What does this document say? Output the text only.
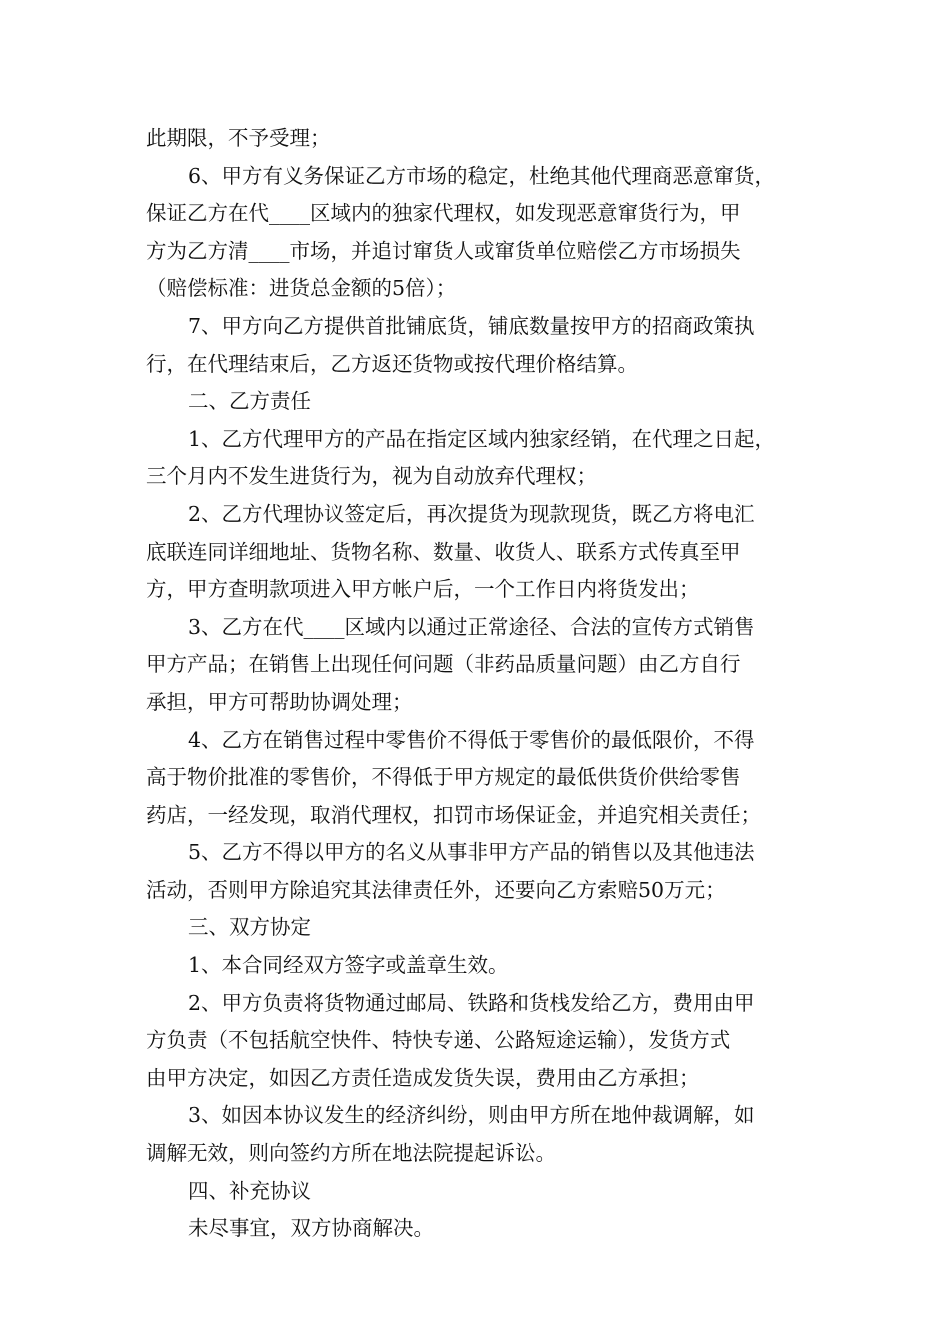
此期限，不予受理；
6、甲方有义务保证乙方市场的稳定，杜绝其他代理商恶意窜货，
保证乙方在代____区域内的独家代理权，如发现恶意窜货行为，甲
方为乙方清____市场，并追讨窜货人或窜货单位赔偿乙方市场损失
（赔偿标准：进货总金额的5倍）；
7、甲方向乙方提供首批铺底货，铺底数量按甲方的招商政策执
行，在代理结束后，乙方返还货物或按代理价格结算。
二、乙方责任
1、乙方代理甲方的产品在指定区域内独家经销，在代理之日起，
三个月内不发生进货行为，视为自动放弃代理权；
2、乙方代理协议签定后，再次提货为现款现货，既乙方将电汇
底联连同详细地址、货物名称、数量、收货人、联系方式传真至甲
方，甲方查明款项进入甲方帐户后，一个工作日内将货发出；
3、乙方在代____区域内以通过正常途径、合法的宣传方式销售
甲方产品；在销售上出现任何问题（非药品质量问题）由乙方自行
承担，甲方可帮助协调处理；
4、乙方在销售过程中零售价不得低于零售价的最低限价，不得
高于物价批准的零售价，不得低于甲方规定的最低供货价供给零售
药店，一经发现，取消代理权，扣罚市场保证金，并追究相关责任；
5、乙方不得以甲方的名义从事非甲方产品的销售以及其他违法
活动，否则甲方除追究其法律责任外，还要向乙方索赔50万元；
三、双方协定
1、本合同经双方签字或盖章生效。
2、甲方负责将货物通过邮局、铁路和货栈发给乙方，费用由甲
方负责（不包括航空快件、特快专递、公路短途运输），发货方式
由甲方决定，如因乙方责任造成发货失误，费用由乙方承担；
3、如因本协议发生的经济纠纷，则由甲方所在地仲裁调解，如
调解无效，则向签约方所在地法院提起诉讼。
四、补充协议
未尽事宜，双方协商解决。
